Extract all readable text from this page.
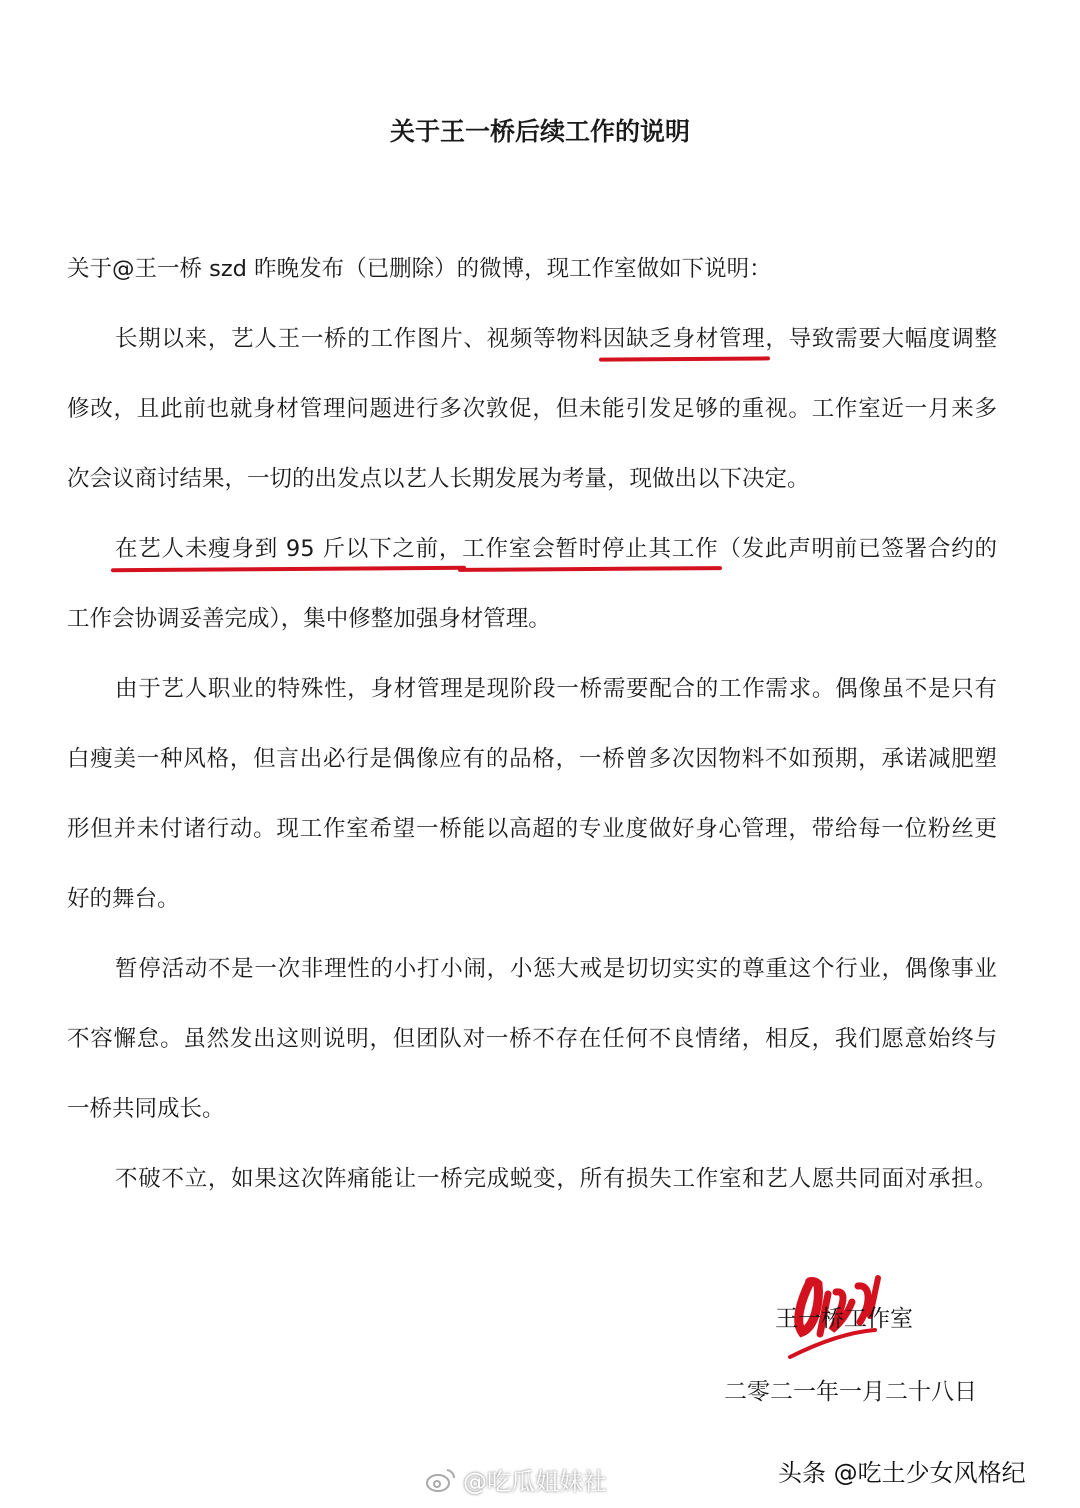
关于王一桥后续工作的说明
关于@王一桥 szd 昨晚发布（已删除）的微博，现工作室做如下说明：
长期以来，艺人王一桥的工作图片、视频等物料因缺乏身材管理，导致需要大幅度调整
修改，且此前也就身材管理问题进行多次敦促，但未能引发足够的重视。工作室近一月来多
次会议商讨结果，一切的出发点以艺人长期发展为考量，现做出以下决定。
在艺人未瘦身到 95 斤以下之前，工作室会暂时停止其工作（发此声明前已签署合约的
工作会协调妥善完成），集中修整加强身材管理。
由于艺人职业的特殊性，身材管理是现阶段一桥需要配合的工作需求。偶像虽不是只有
白瘦美一种风格，但言出必行是偶像应有的品格，一桥曾多次因物料不如预期，承诺减肥塑
形但并未付诸行动。现工作室希望一桥能以高超的专业度做好身心管理，带给每一位粉丝更
好的舞台。
暂停活动不是一次非理性的小打小闹，小惩大戒是切切实实的尊重这个行业，偶像事业
不容懈怠。虽然发出这则说明，但团队对一桥不存在任何不良情绪，相反，我们愿意始终与
一桥共同成长。
不破不立，如果这次阵痛能让一桥完成蜕变，所有损失工作室和艺人愿共同面对承担。
王一桥工作室
二零二一年一月二十八日
@吃瓜姐妹社	头条 @吃土少女风格纪
